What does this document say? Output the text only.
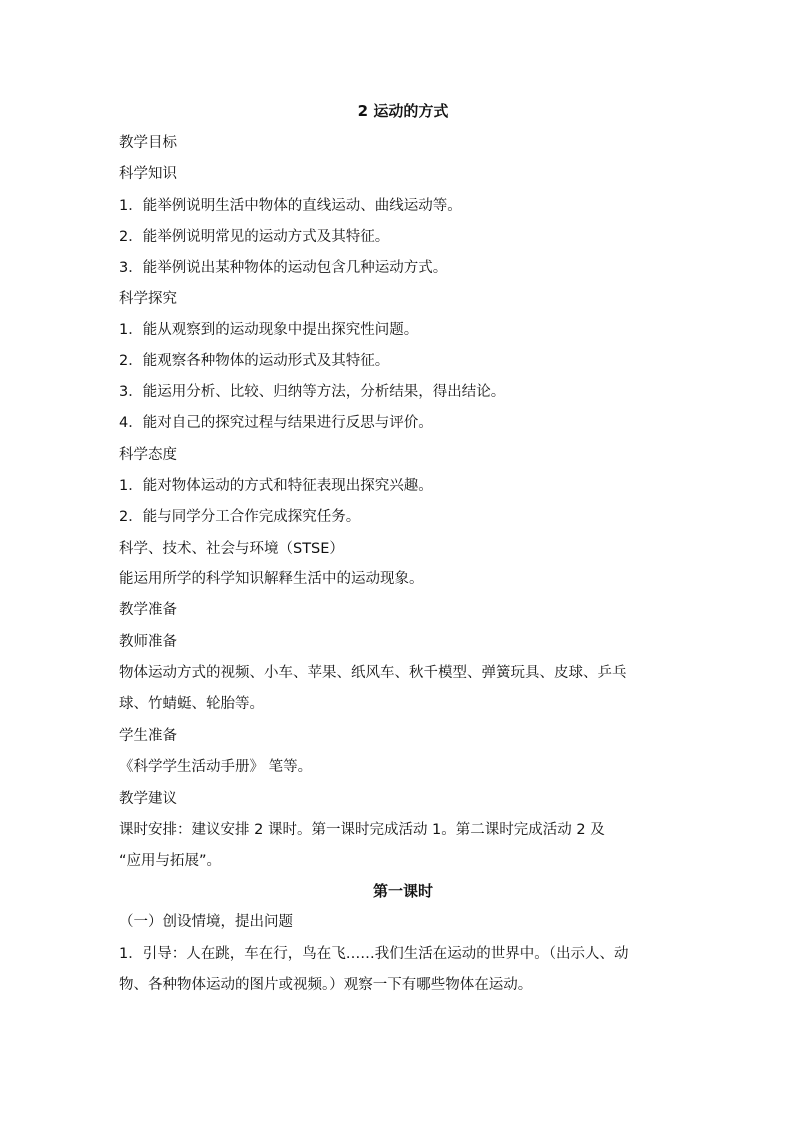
2 运动的方式
教学目标
科学知识
1．能举例说明生活中物体的直线运动、曲线运动等。
2．能举例说明常见的运动方式及其特征。
3．能举例说出某种物体的运动包含几种运动方式。
科学探究
1．能从观察到的运动现象中提出探究性问题。
2．能观察各种物体的运动形式及其特征。
3．能运用分析、比较、归纳等方法，分析结果，得出结论。
4．能对自己的探究过程与结果进行反思与评价。
科学态度
1．能对物体运动的方式和特征表现出探究兴趣。
2．能与同学分工合作完成探究任务。
科学、技术、社会与环境（STSE）
能运用所学的科学知识解释生活中的运动现象。
教学准备
教师准备
物体运动方式的视频、小车、苹果、纸风车、秋千模型、弹簧玩具、皮球、乒乓
球、竹蜻蜓、轮胎等。
学生准备
《科学学生活动手册》 笔等。
教学建议
课时安排：建议安排 2 课时。第一课时完成活动 1。第二课时完成活动 2 及
“应用与拓展”。
第一课时
（一）创设情境，提出问题
1．引导：人在跳，车在行，鸟在飞……我们生活在运动的世界中。（出示人、动
物、各种物体运动的图片或视频。）观察一下有哪些物体在运动。
